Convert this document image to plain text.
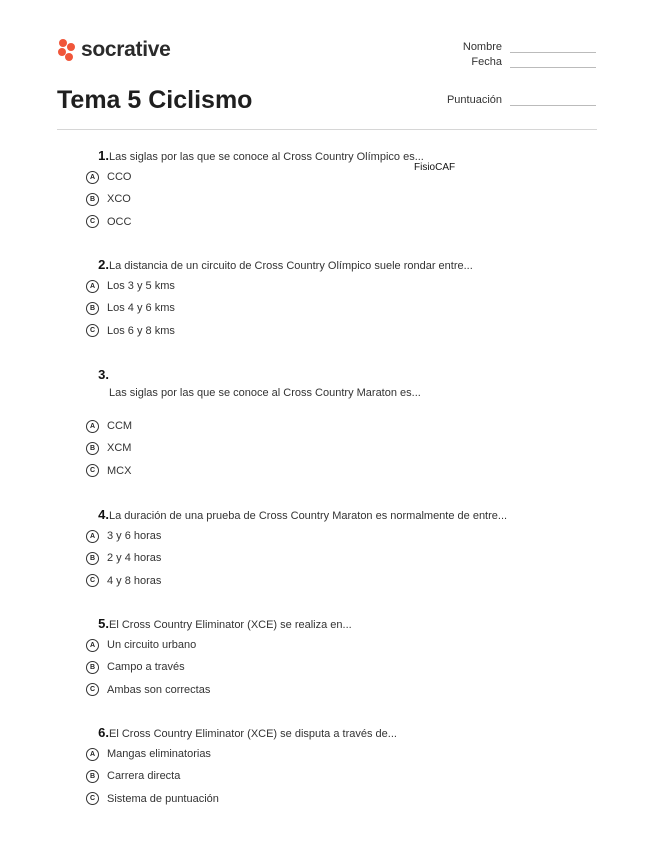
socrative	Nombre
Fecha
Puntuación
Tema 5 Ciclismo
FisioCAF
1. Las siglas por las que se conoce al Cross Country Olímpico es...
A	CCO
B	XCO
C	OCC
2. La distancia de un circuito de Cross Country Olímpico suele rondar entre...
A	Los 3 y 5 kms
B	Los 4 y 6 kms
C	Los 6 y 8 kms
3.
Las siglas por las que se conoce al Cross Country Maraton es...
A	CCM
B	XCM
C	MCX
4. La duración de una prueba de Cross Country Maraton es normalmente de entre...
A	3 y 6 horas
B	2 y 4 horas
C	4 y 8 horas
5. El Cross Country Eliminator (XCE) se realiza en...
A	Un circuito urbano
B	Campo a través
C	Ambas son correctas
6. El Cross Country Eliminator (XCE) se disputa a través de...
A	Mangas eliminatorias
B	Carrera directa
C	Sistema de puntuación
